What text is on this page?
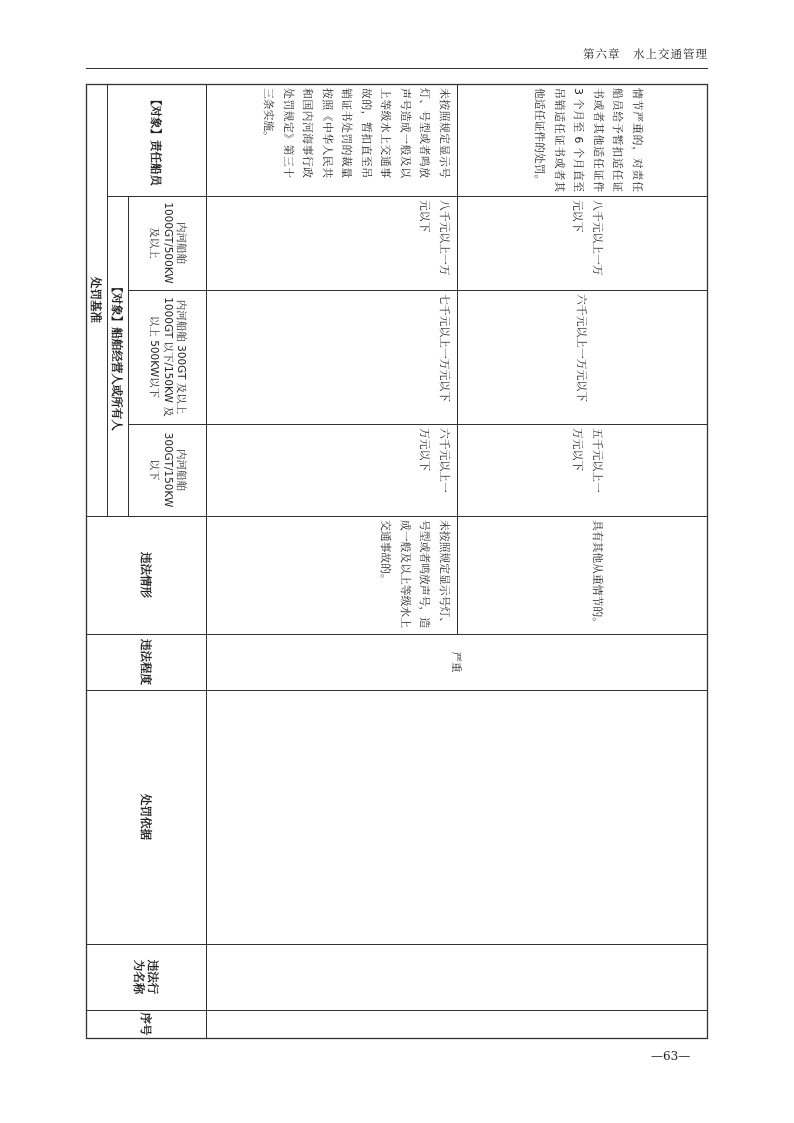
第六章　水上交通管理
处罚基准 【对象】船舶经营人或所有人
【对象】责任船员
内河船舶1000GT/500KW及以上
内河船舶 300GT 及以上 1000GT 以下/150KW 及以上 500KW以下
内河船舶300GT/150KW以下
违法情形
违法程度
处罚依据
违法行为名称
序号
严重
未按照规定显示号灯、号型或者鸣放声号造成一般及以上等级水上交通事故的，暂扣直至吊销证书处罚的裁量按照《中华人民共和国内河海事行政处罚规定》第三十三条实施。
八千元以上一万元以下
七千元以上一万元以下
六千元以上一万元以下
未按照规定显示号灯、号型或者鸣放声号，造成一般及以上等级水上交通事故的。
情节严重的，对责任船员给予暂扣适任证书或者其他适任证件 3 个月至 6 个月直至吊销适任证书或者其他适任证件的处罚。
八千元以上一万元以下
六千元以上一万元以下
五千元以上一万元以下
具有其他从重情节的。
—63—
